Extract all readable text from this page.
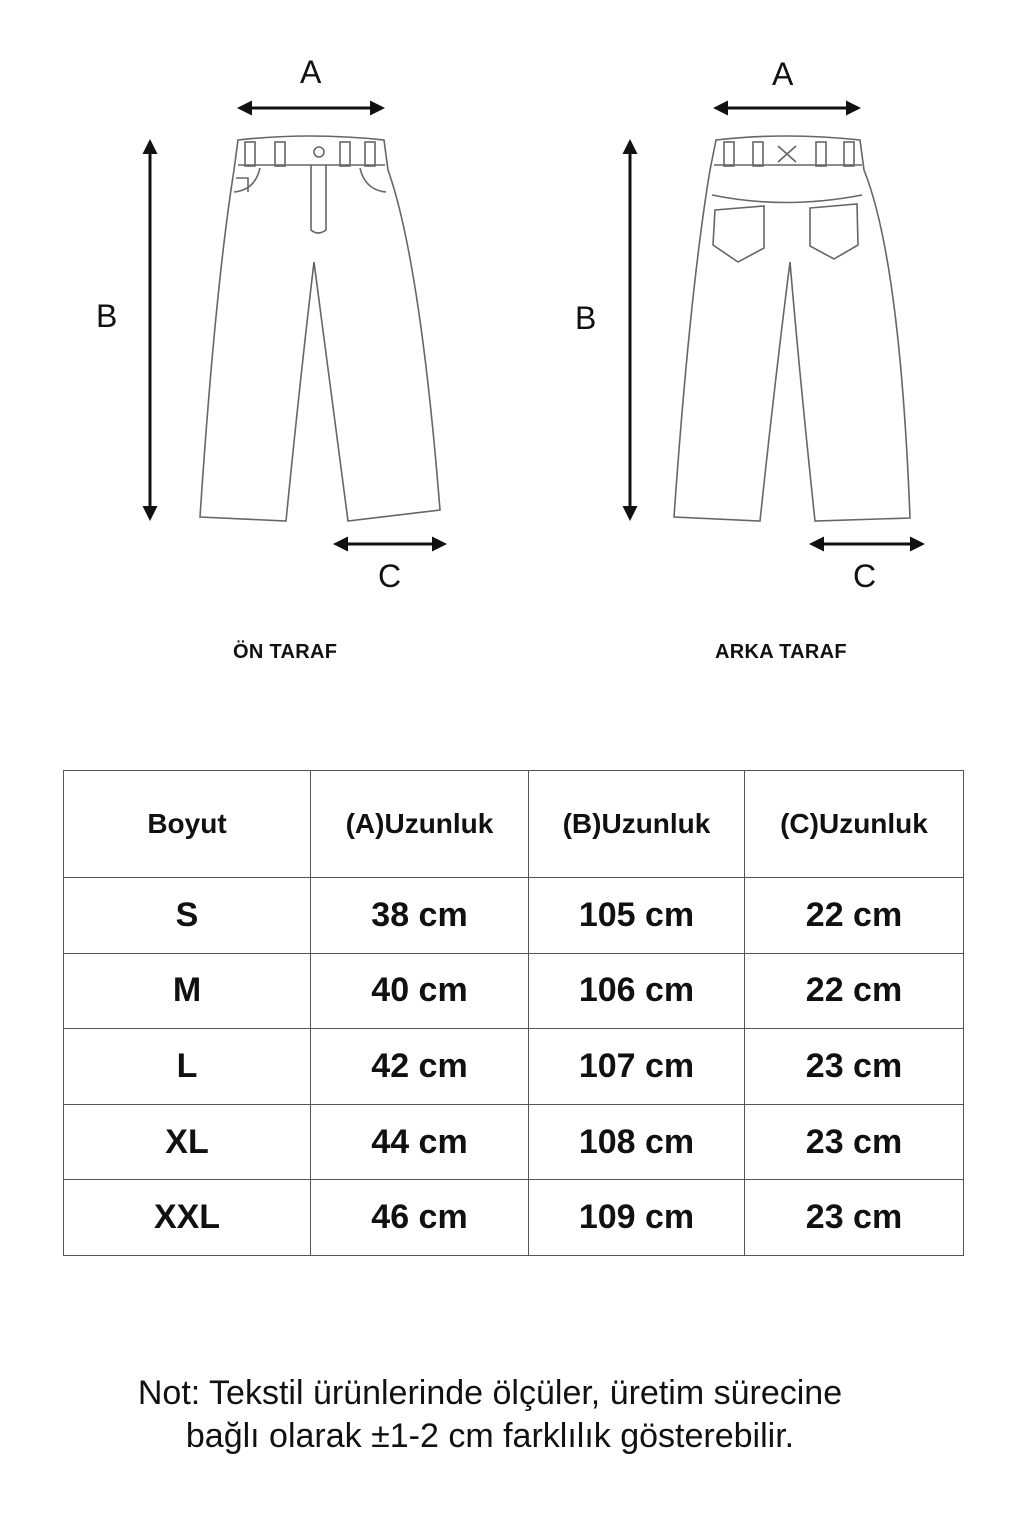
A
B
C
ÖN TARAF
A
B
C
ARKA TARAF
Boyut	(A)Uzunluk	(B)Uzunluk	(C)Uzunluk
S	38 cm	105 cm	22 cm
M	40 cm	106 cm	22 cm
L	42 cm	107 cm	23 cm
XL	44 cm	108 cm	23 cm
XXL	46 cm	109 cm	23 cm
Not: Tekstil ürünlerinde ölçüler, üretim sürecine
bağlı olarak ±1-2 cm farklılık gösterebilir.
